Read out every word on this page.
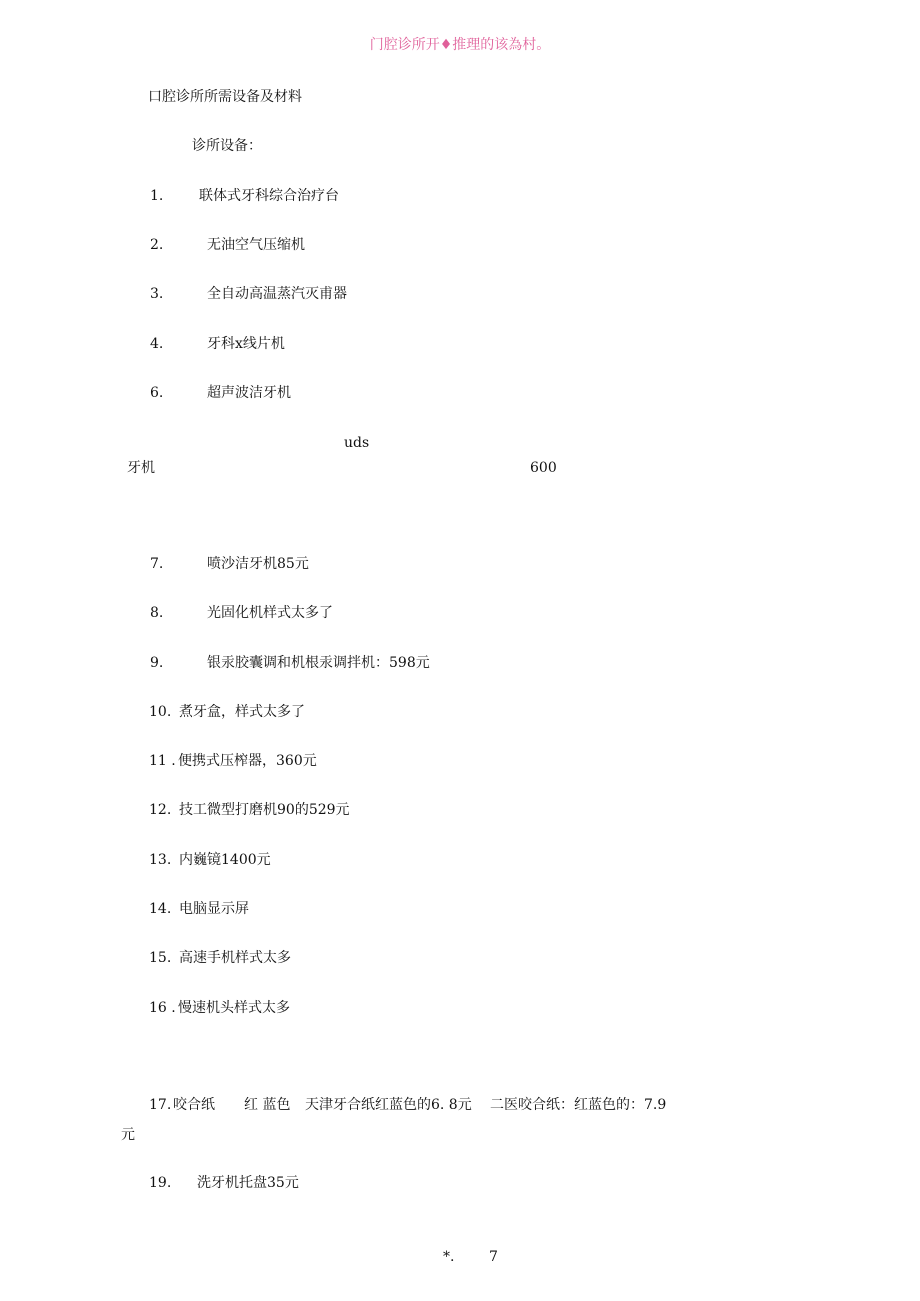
门腔诊所开♦推理的该為村。
口腔诊所所需设备及材料
诊所设备：
1.	联体式牙科综合治疗台
2.	无油空气压缩机
3.	全自动高温蒸汽灭甫器
4.	牙科x线片机
6.	超声波洁牙机
uds
牙机	600
7.	喷沙洁牙机85元
8.	光固化机样式太多了
9.	银汞胶囊调和机根汞调拌机：598元
10. 煮牙盒，样式太多了
11 . 便携式压榨器，360元
12. 技工微型打磨机90的529元
13. 内巍镜1400元
14. 电脑显示屏
15. 高速手机样式太多
16 . 慢速机头样式太多
17. 咬合纸 红 蓝色 天津牙合纸红蓝色的6. 8元 二医咬合纸：红蓝色的：7.9
元
19. 洗牙机托盘35元
*. 7
